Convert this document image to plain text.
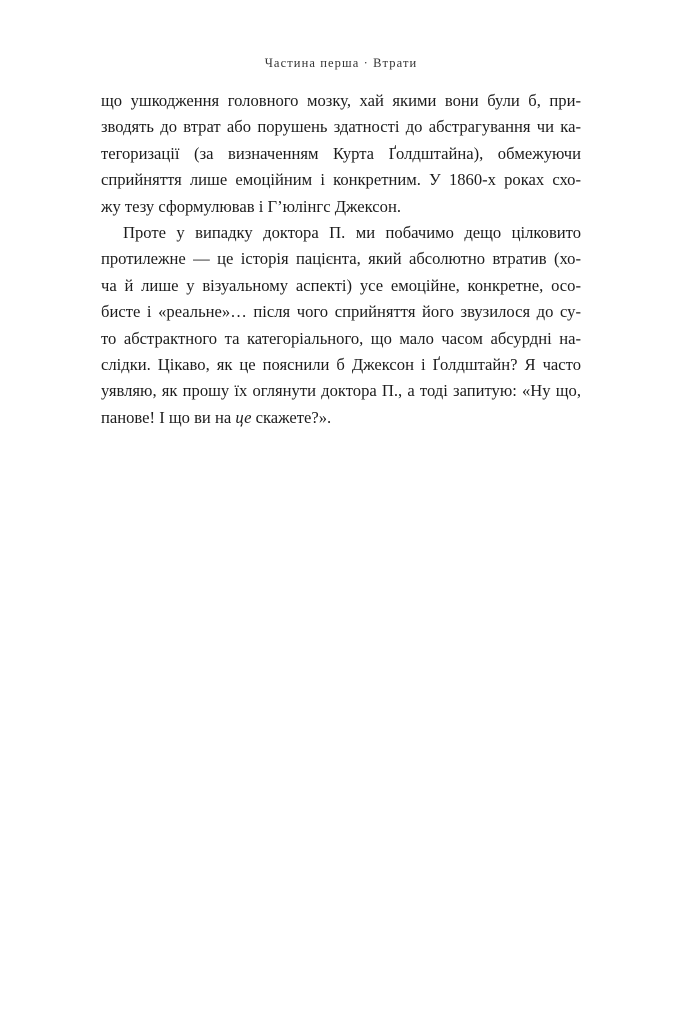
Частина перша · Втрати
що ушкодження головного мозку, хай якими вони були б, при-
зводять до втрат або порушень здатності до абстрагування чи ка-
тегоризації (за визначенням Курта Ґолдштайна), обмежуючи
сприйняття лише емоційним і конкретним. У 1860-х роках схо-
жу тезу сформулював і Г’юлінгс Джексон.
Проте у випадку доктора П. ми побачимо дещо цілковито
протилежне — це історія пацієнта, який абсолютно втратив (хо-
ча й лише у візуальному аспекті) усе емоційне, конкретне, осо-
бисте і «реальне»… після чого сприйняття його звузилося до су-
то абстрактного та категоріального, що мало часом абсурдні на-
слідки. Цікаво, як це пояснили б Джексон і Ґолдштайн? Я часто
уявляю, як прошу їх оглянути доктора П., а тоді запитую: «Ну що,
панове! І що ви на це скажете?».
